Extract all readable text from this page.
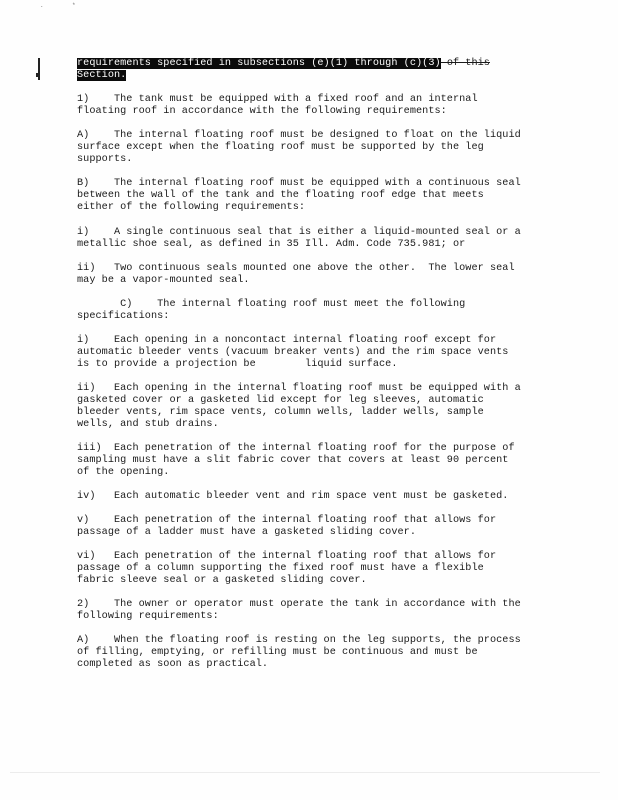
.	*
requirements specified in subsections (e)(1) through (c)(3) of this
Section.
1)    The tank must be equipped with a fixed roof and an internal
floating roof in accordance with the following requirements:
A)    The internal floating roof must be designed to float on the liquid
surface except when the floating roof must be supported by the leg
supports.
B)    The internal floating roof must be equipped with a continuous seal
between the wall of the tank and the floating roof edge that meets
either of the following requirements:
i)    A single continuous seal that is either a liquid-mounted seal or a
metallic shoe seal, as defined in 35 Ill. Adm. Code 735.981; or
ii)   Two continuous seals mounted one above the other.  The lower seal
may be a vapor-mounted seal.
C)    The internal floating roof must meet the following
specifications:
i)    Each opening in a noncontact internal floating roof except for
automatic bleeder vents (vacuum breaker vents) and the rim space vents
is to provide a projection be        liquid surface.
ii)   Each opening in the internal floating roof must be equipped with a
gasketed cover or a gasketed lid except for leg sleeves, automatic
bleeder vents, rim space vents, column wells, ladder wells, sample
wells, and stub drains.
iii)  Each penetration of the internal floating roof for the purpose of
sampling must have a slit fabric cover that covers at least 90 percent
of the opening.
iv)   Each automatic bleeder vent and rim space vent must be gasketed.
v)    Each penetration of the internal floating roof that allows for
passage of a ladder must have a gasketed sliding cover.
vi)   Each penetration of the internal floating roof that allows for
passage of a column supporting the fixed roof must have a flexible
fabric sleeve seal or a gasketed sliding cover.
2)    The owner or operator must operate the tank in accordance with the
following requirements:
A)    When the floating roof is resting on the leg supports, the process
of filling, emptying, or refilling must be continuous and must be
completed as soon as practical.
